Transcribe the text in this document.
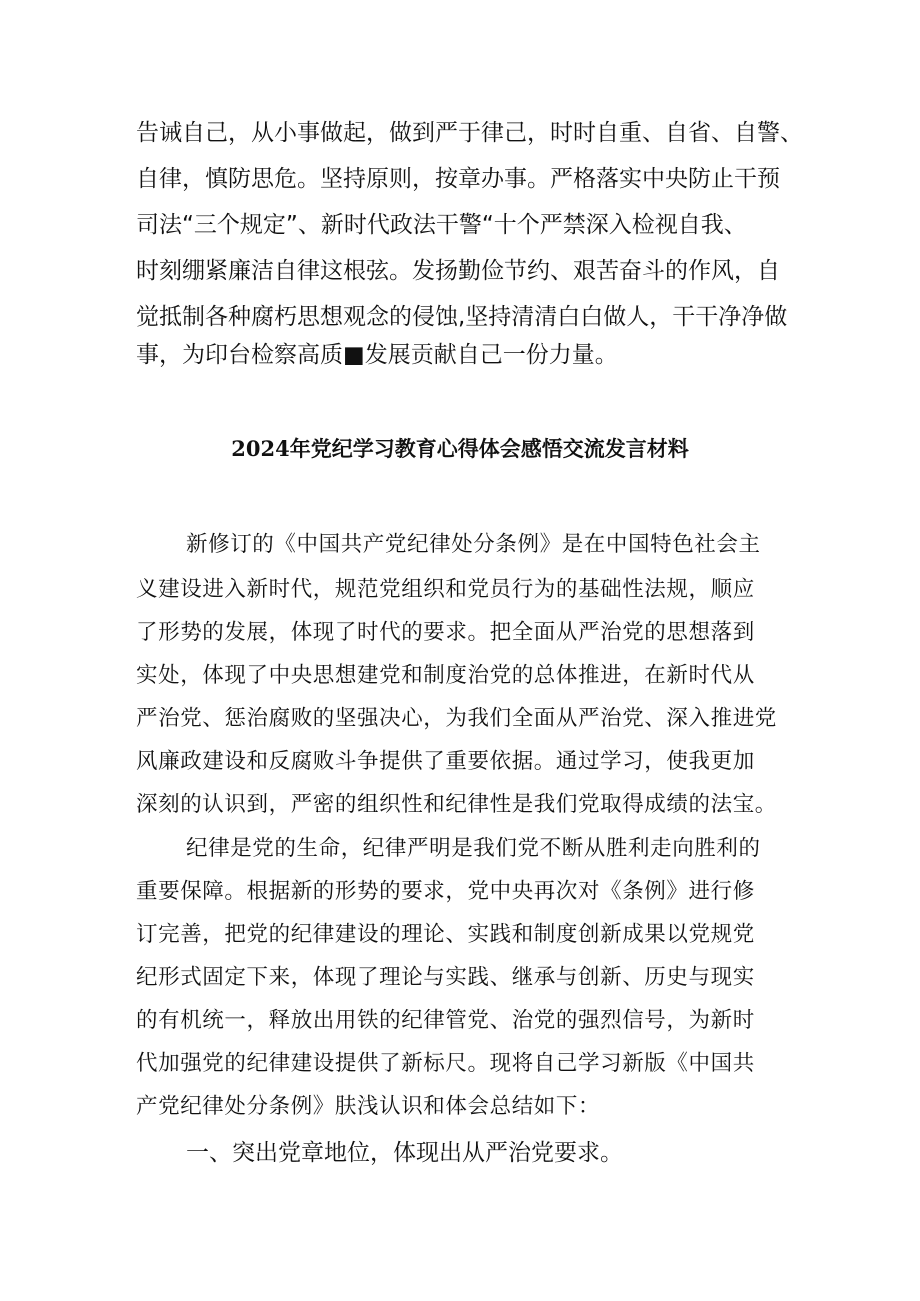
告诫自己，从小事做起，做到严于律己，时时自重、自省、自警、
自律，慎防思危。坚持原则，按章办事。严格落实中央防止干预
司法“三个规定”、新时代政法干警“十个严禁深入检视自我、
时刻绷紧廉洁自律这根弦。发扬勤俭节约、艰苦奋斗的作风，自
觉抵制各种腐朽思想观念的侵蚀,坚持清清白白做人，干干净净做
事，为印台检察高质■发展贡献自己一份力量。
2024年党纪学习教育心得体会感悟交流发言材料
新修订的《中国共产党纪律处分条例》是在中国特色社会主
义建设进入新时代，规范党组织和党员行为的基础性法规，顺应
了形势的发展，体现了时代的要求。把全面从严治党的思想落到
实处，体现了中央思想建党和制度治党的总体推进，在新时代从
严治党、惩治腐败的坚强决心，为我们全面从严治党、深入推进党
风廉政建设和反腐败斗争提供了重要依据。通过学习，使我更加
深刻的认识到，严密的组织性和纪律性是我们党取得成绩的法宝。
纪律是党的生命，纪律严明是我们党不断从胜利走向胜利的
重要保障。根据新的形势的要求，党中央再次对《条例》进行修
订完善，把党的纪律建设的理论、实践和制度创新成果以党规党
纪形式固定下来，体现了理论与实践、继承与创新、历史与现实
的有机统一，释放出用铁的纪律管党、治党的强烈信号，为新时
代加强党的纪律建设提供了新标尺。现将自己学习新版《中国共
产党纪律处分条例》肤浅认识和体会总结如下：
一、突出党章地位，体现出从严治党要求。
